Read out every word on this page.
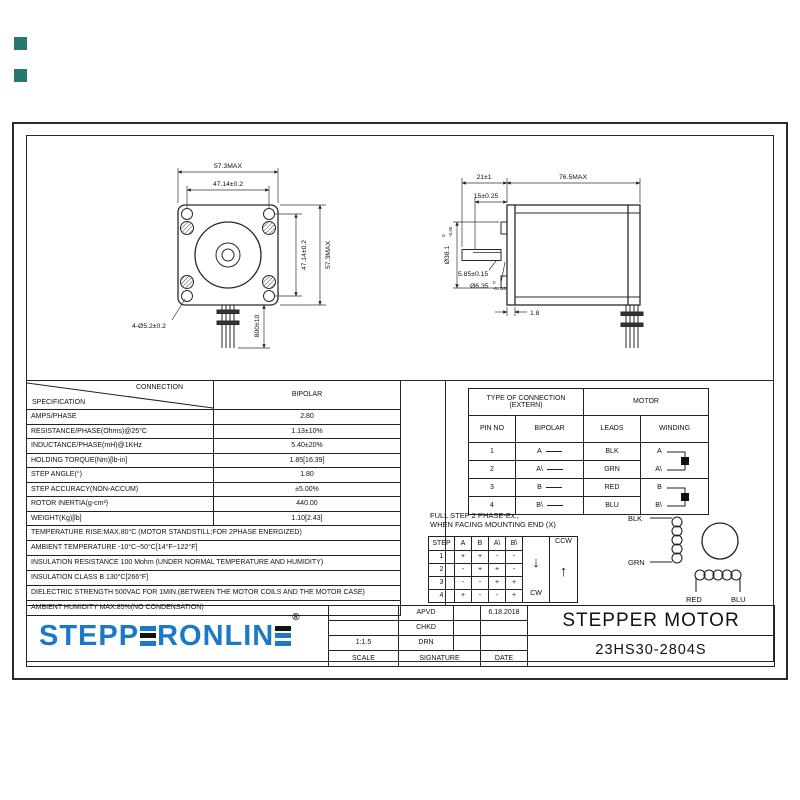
57.3MAX
47.14±0.2
47.14±0.2	57.3MAX
4-Ø5.2±0.2	800±10
21±1	76.5MAX
15±0.25
Ø38.1
0 -0.05
5.85±0.15
Ø6.35
0
-0.013
1.8
CONNECTION
SPECIFICATION	BIPOLAR
AMPS/PHASE	2.80
RESISTANCE/PHASE(Ohms)@25°C	1.13±10%
INDUCTANCE/PHASE(mH)@1KHz	5.40±20%
HOLDING TORQUE(Nm)[lb-in]	1.85[16.39]
STEP ANGLE(°)	1.80
STEP ACCURACY(NON-ACCUM)	±5.00%
ROTOR INERTIA(g-cm²)	440.00
WEIGHT(Kg)[lb]	1.10[2.43]
TEMPERATURE RISE:MAX.80°C (MOTOR STANDSTILL;FOR 2PHASE ENERGIZED)	
AMBIENT TEMPERATURE -10°C~50°C[14°F~122°F]	
INSULATION RESISTANCE 100 Mohm (UNDER NORMAL TEMPERATURE AND HUMIDITY)	
INSULATION CLASS B 130°C[266°F]	
DIELECTRIC STRENGTH 500VAC FOR 1MIN.(BETWEEN THE MOTOR COILS AND THE MOTOR CASE)	
AMBIENT HUMIDITY MAX.85%(NO CONDENSATION)	
TYPE OF CONNECTION
(EXTERN)		MOTOR	
PIN NO	BIPOLAR	LEADS	WINDING
1	A	BLK	A
A\

2	A\	GRN	
3	B	RED	B
B\

4	B\	BLU	
FULL STEP 2 PHASE-Ex.,
WHEN FACING MOUNTING END (X)
STEP	A	B	A\	B\	↓
CW	CCW
↑

1	+	+	-	-		
2	-	+	+	-		
3	-	-	+	+		
4	+	-	-	+		
BLK
GRN
RED	BLU
STEPP RONLIN
®		APVD		6.18.2018	STEPPER MOTOR
		CHKD			
	1:1.5	DRN			23HS30-2804S
	SCALE	SIGNATURE		DATE	
